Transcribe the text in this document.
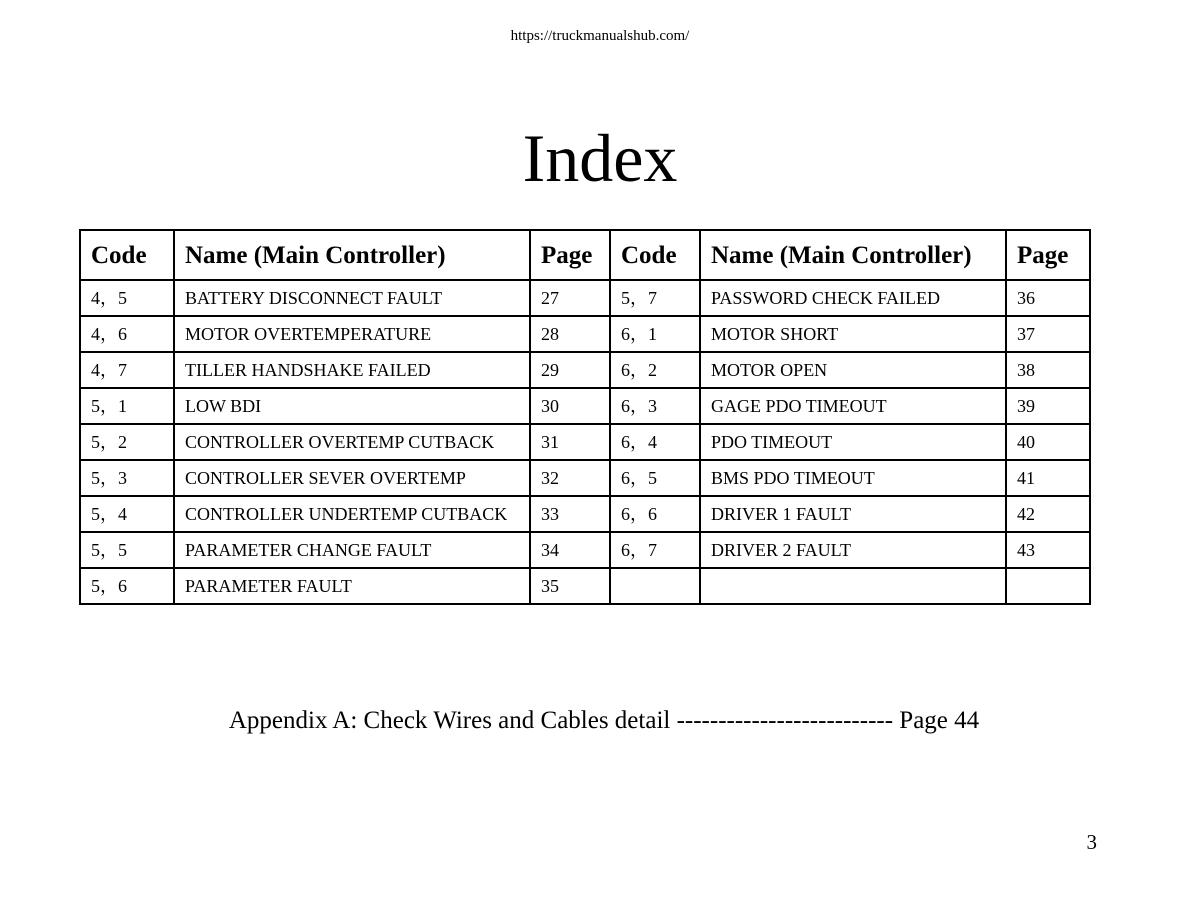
https://truckmanualshub.com/
Index
Code	Name (Main Controller)	Page	Code	Name (Main Controller)	Page
4，5	BATTERY DISCONNECT FAULT	27	5，7	PASSWORD CHECK FAILED	36
4，6	MOTOR OVERTEMPERATURE	28	6，1	MOTOR SHORT	37
4，7	TILLER HANDSHAKE FAILED	29	6，2	MOTOR OPEN	38
5，1	LOW BDI	30	6，3	GAGE PDO TIMEOUT	39
5，2	CONTROLLER OVERTEMP CUTBACK	31	6，4	PDO TIMEOUT	40
5，3	CONTROLLER SEVER OVERTEMP	32	6，5	BMS PDO TIMEOUT	41
5，4	CONTROLLER UNDERTEMP CUTBACK	33	6，6	DRIVER 1 FAULT	42
5，5	PARAMETER CHANGE FAULT	34	6，7	DRIVER 2 FAULT	43
5，6	PARAMETER FAULT	35			
Appendix A: Check Wires and Cables detail -------------------------- Page 44
3
